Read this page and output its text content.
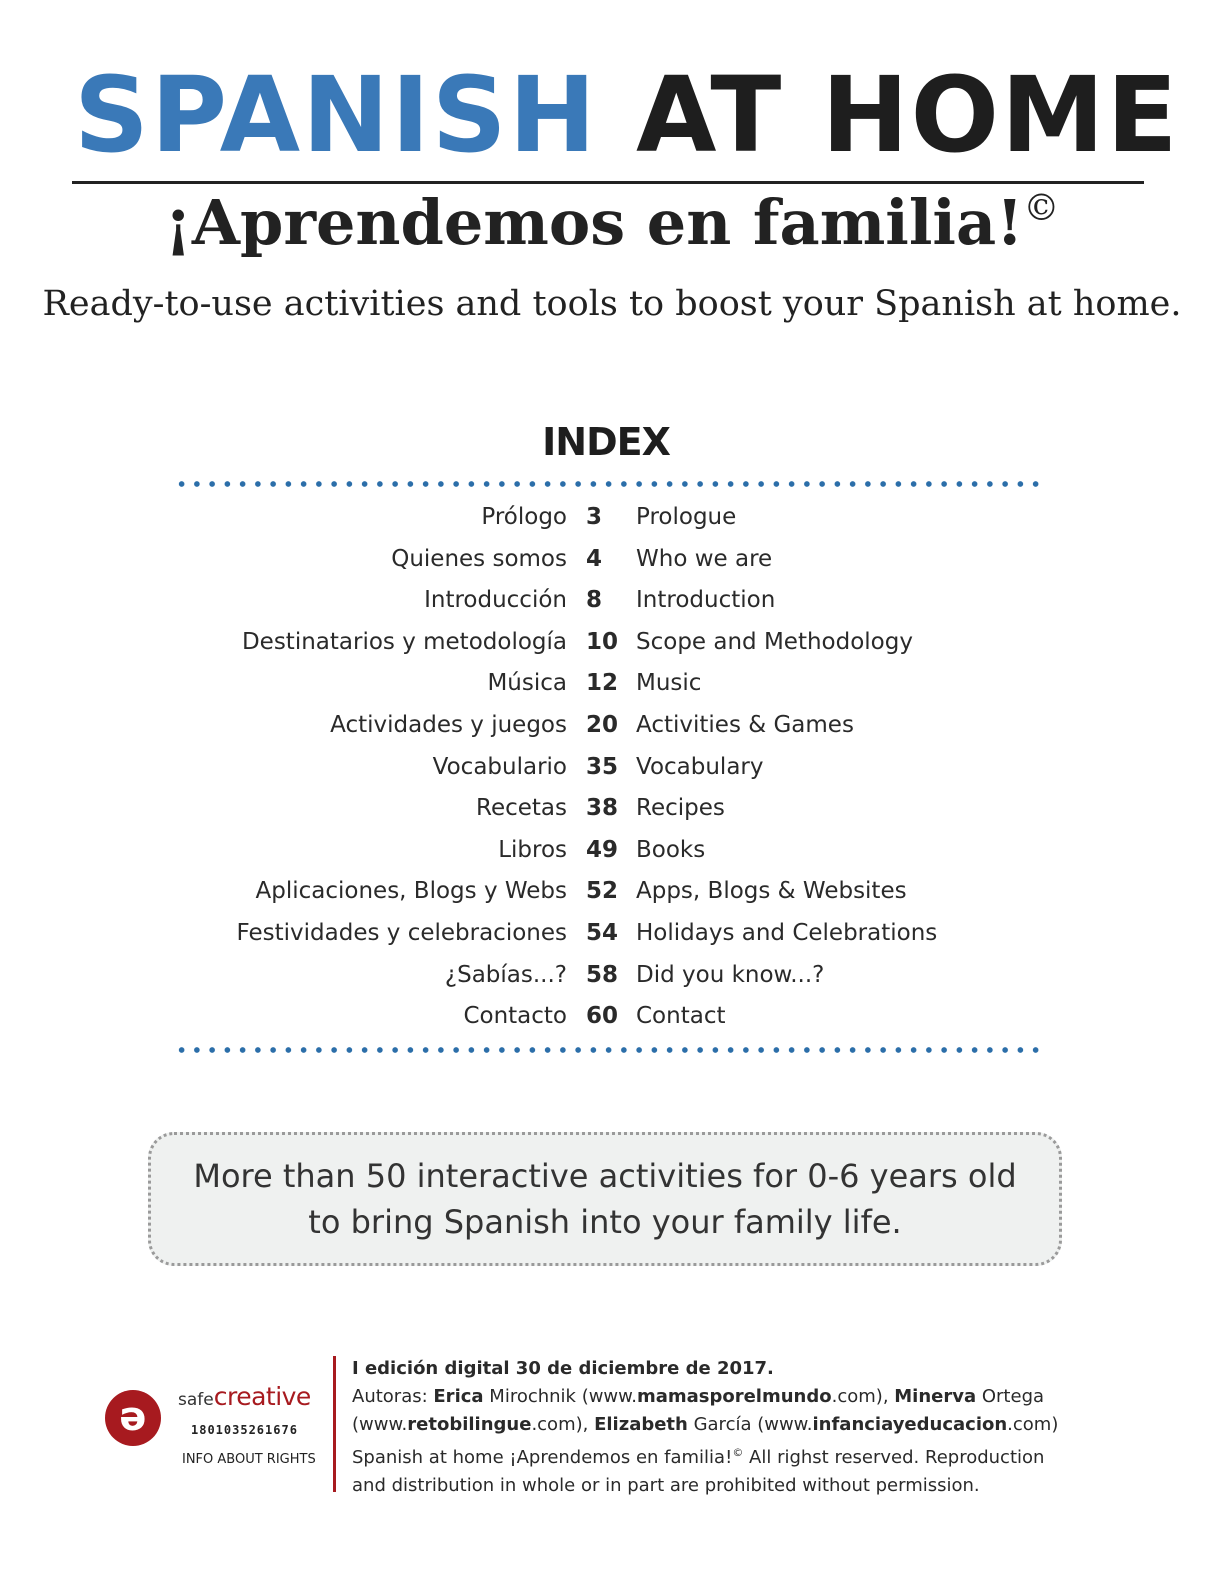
SPANISH AT HOME
¡Aprendemos en familia!©
Ready-to-use activities and tools to boost your Spanish at home.
INDEX
Prólogo 3 Prologue
Quienes somos 4 Who we are
Introducción 8 Introduction
Destinatarios y metodología 10 Scope and Methodology
Música 12 Music
Actividades y juegos 20 Activities & Games
Vocabulario 35 Vocabulary
Recetas 38 Recipes
Libros 49 Books
Aplicaciones, Blogs y Webs 52 Apps, Blogs & Websites
Festividades y celebraciones 54 Holidays and Celebrations
¿Sabías...? 58 Did you know...?
Contacto 60 Contact
More than 50 interactive activities for 0-6 years old
to bring Spanish into your family life.
ə	safecreative
1801035261676
INFO ABOUT RIGHTS
I edición digital 30 de diciembre de 2017.
Autoras: Erica Mirochnik (www.mamasporelmundo.com), Minerva Ortega
(www.retobilingue.com), Elizabeth García (www.infanciayeducacion.com)
Spanish at home ¡Aprendemos en familia!© All righst reserved. Reproduction
and distribution in whole or in part are prohibited without permission.
